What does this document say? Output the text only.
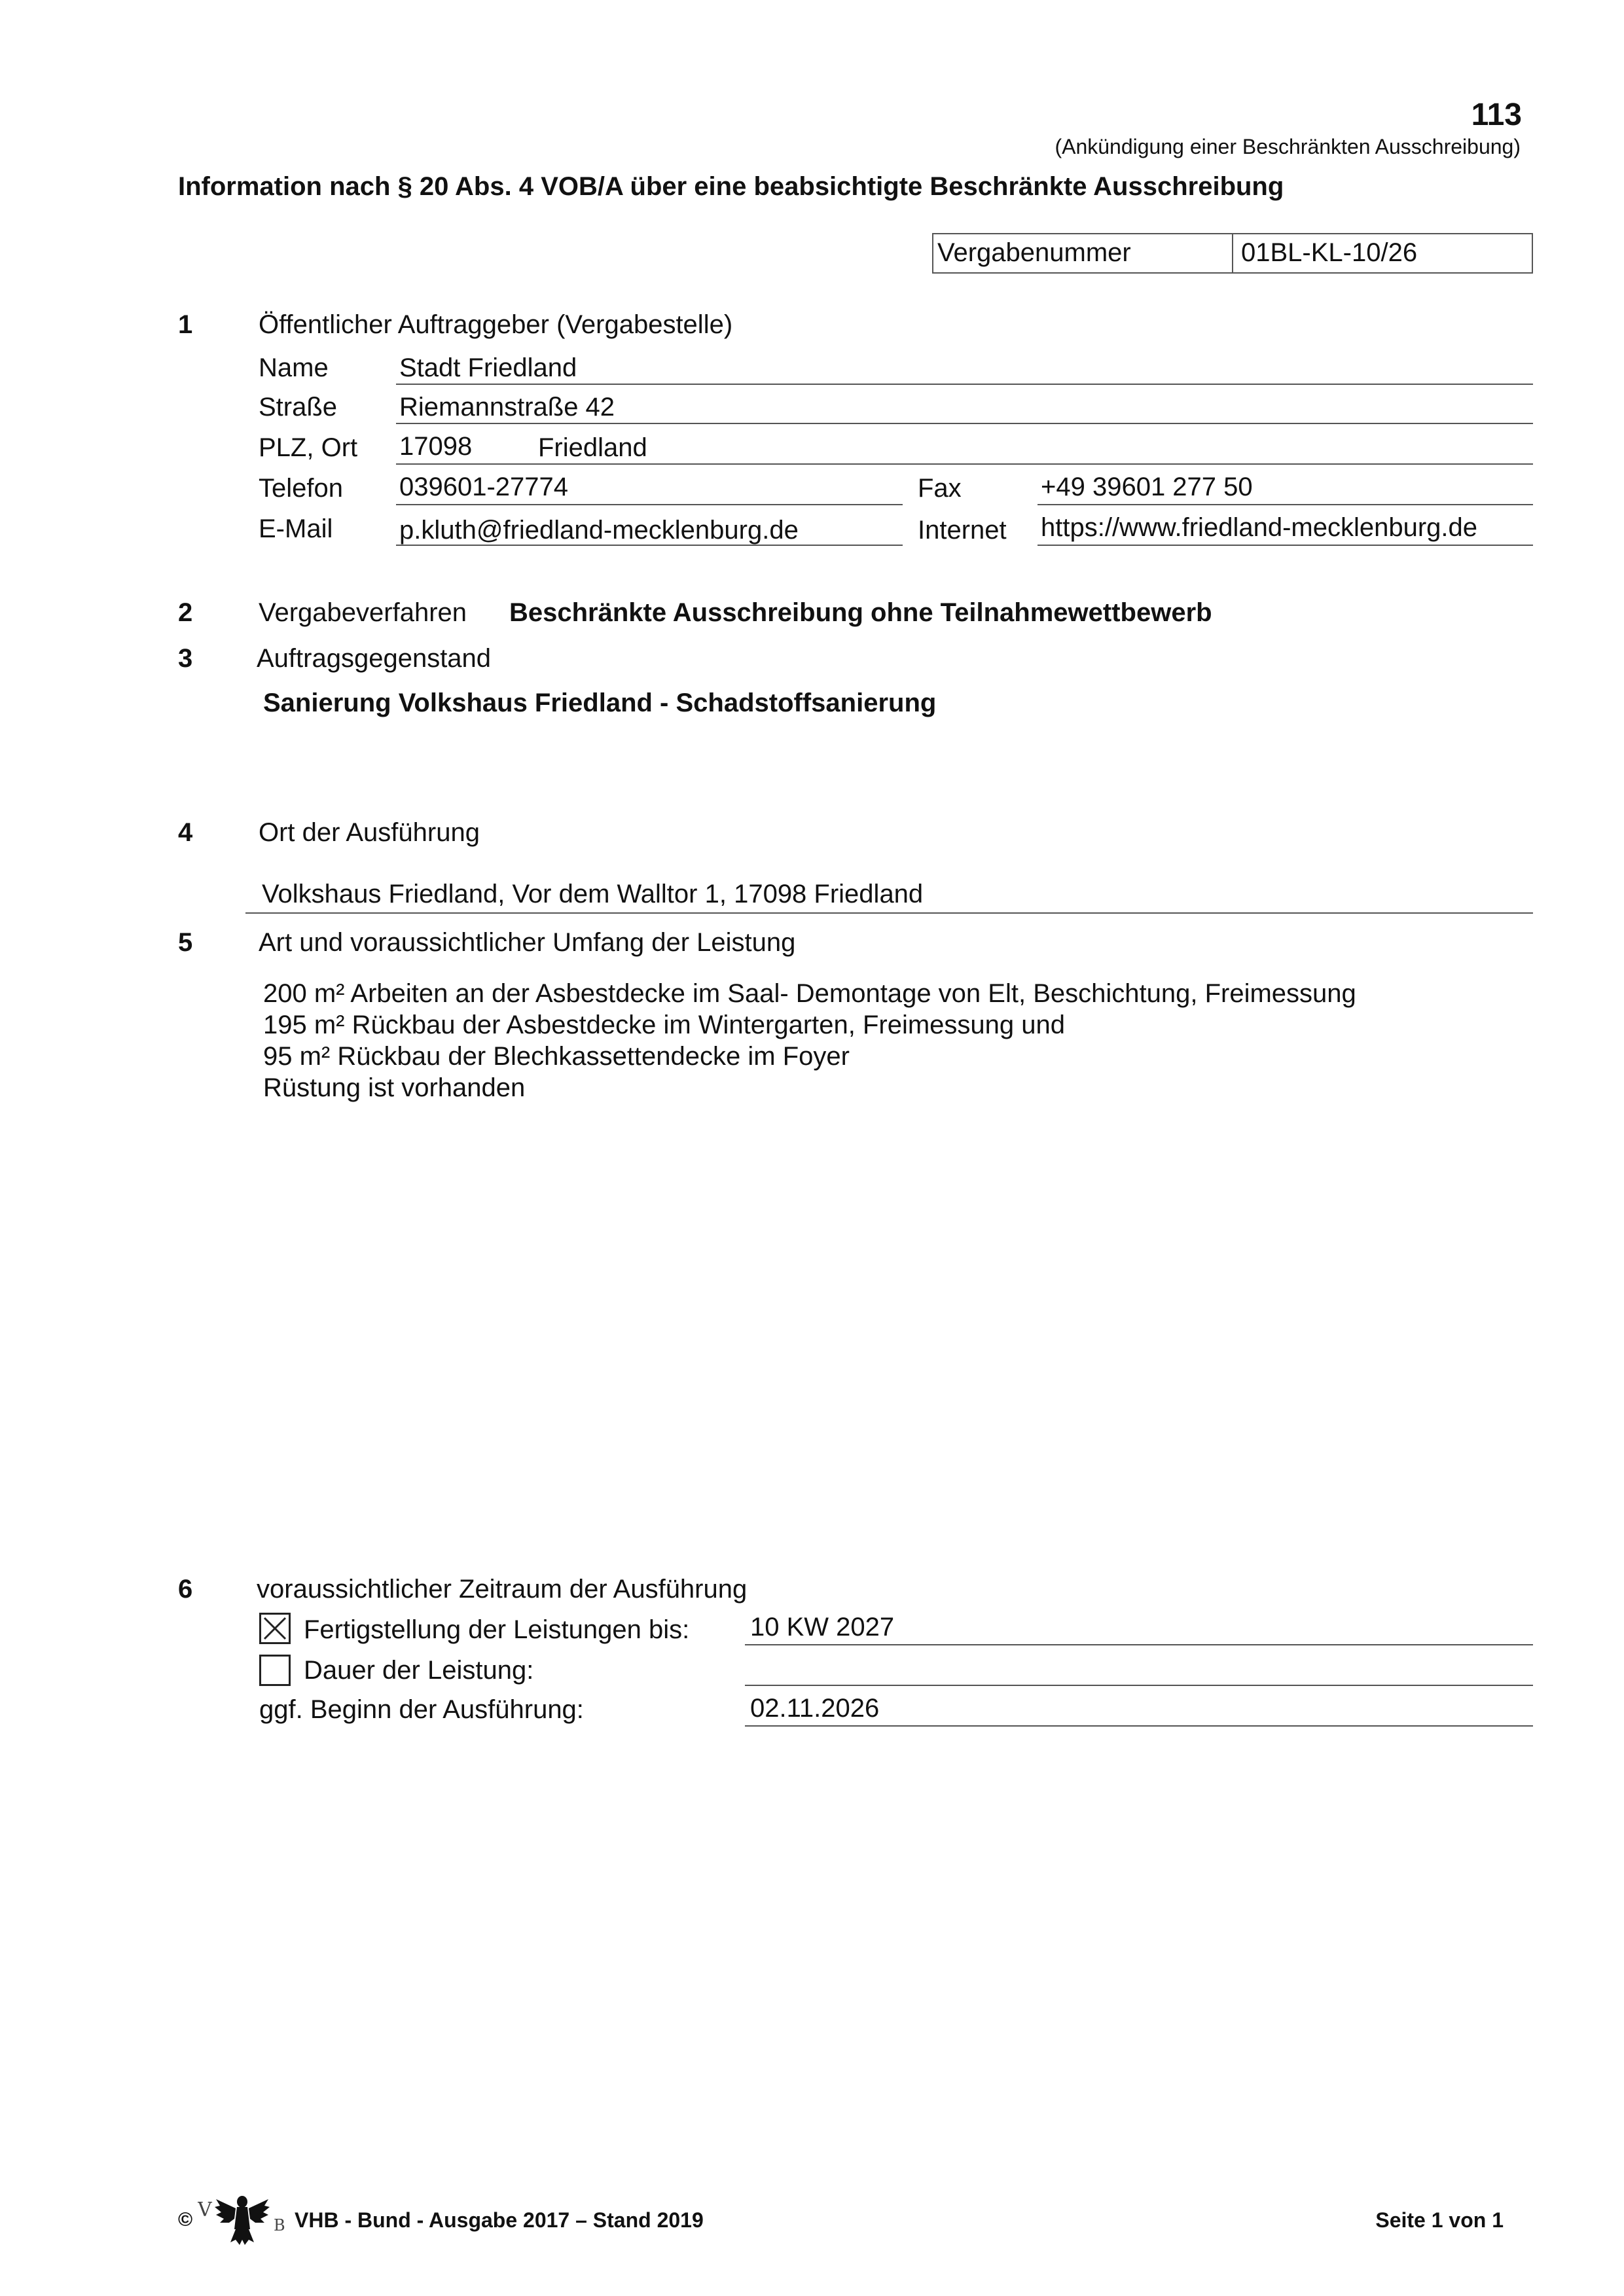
113
(Ankündigung einer Beschränkten Ausschreibung)
Information nach § 20 Abs. 4 VOB/A über eine beabsichtigte Beschränkte Ausschreibung
Vergabenummer	01BL-KL-10/26
1	Öffentlicher Auftraggeber (Vergabestelle)
Name	Stadt Friedland
Straße Riemannstraße 42
PLZ, Ort 17098	Friedland
Telefon 039601-27774	Fax	+49 39601 277 50
E-Mail	p.kluth@friedland-mecklenburg.de	Internet https://www.friedland-mecklenburg.de
2	Vergabeverfahren Beschränkte Ausschreibung ohne Teilnahmewettbewerb
3 Auftragsgegenstand
Sanierung Volkshaus Friedland - Schadstoffsanierung
4	Ort der Ausführung
Volkshaus Friedland, Vor dem Walltor 1, 17098 Friedland
5	Art und voraussichtlicher Umfang der Leistung
200 m² Arbeiten an der Asbestdecke im Saal- Demontage von Elt, Beschichtung, Freimessung
195 m² Rückbau der Asbestdecke im Wintergarten, Freimessung und
95 m² Rückbau der Blechkassettendecke im Foyer
Rüstung ist vorhanden
6 voraussichtlicher Zeitraum der Ausführung
Fertigstellung der Leistungen bis: 10 KW 2027
Dauer der Leistung:
ggf. Beginn der Ausführung:	02.11.2026
© V
B VHB - Bund - Ausgabe 2017 – Stand 2019	Seite 1 von 1
